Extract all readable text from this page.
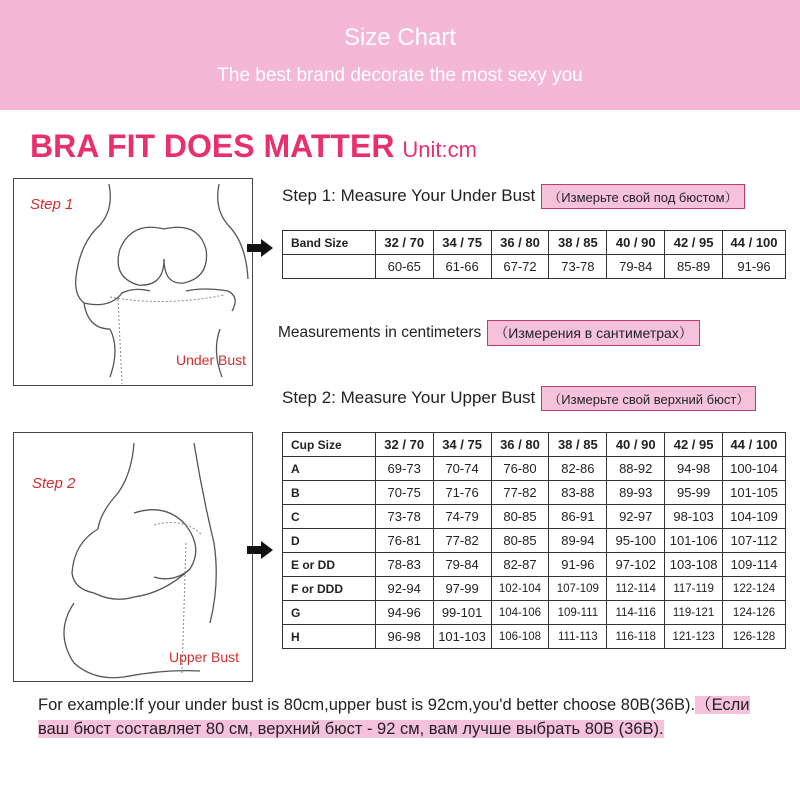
Size Chart
The best brand decorate the most sexy you
BRA FIT DOES MATTER Unit:cm
Step 1
Under Bust
Step 2
Upper Bust
Step 1: Measure Your Under Bust （Измерьте свой под бюстом）
Band Size	32 / 70	34 / 75	36 / 80	38 / 85	40 / 90	42 / 95	44 / 100
	60-65	61-66	67-72	73-78	79-84	85-89	91-96
Measurements in centimeters （Измерения в сантиметрах）
Step 2: Measure Your Upper Bust （Измерьте свой верхний бюст）
Cup Size	32 / 70	34 / 75	36 / 80	38 / 85	40 / 90	42 / 95	44 / 100
A	69-73	70-74	76-80	82-86	88-92	94-98	100-104
B	70-75	71-76	77-82	83-88	89-93	95-99	101-105
C	73-78	74-79	80-85	86-91	92-97	98-103	104-109
D	76-81	77-82	80-85	89-94	95-100	101-106	107-112
E or DD	78-83	79-84	82-87	91-96	97-102	103-108	109-114
F or DDD	92-94	97-99	102-104	107-109	112-114	117-119	122-124
G	94-96	99-101	104-106	109-111	114-116	119-121	124-126
H	96-98	101-103	106-108	111-113	116-118	121-123	126-128
For example:If your under bust is 80cm,upper bust is 92cm,you'd better choose 80B(36B).（Если ваш бюст составляет 80 см, верхний бюст - 92 см, вам лучше выбрать 80B (36B).
